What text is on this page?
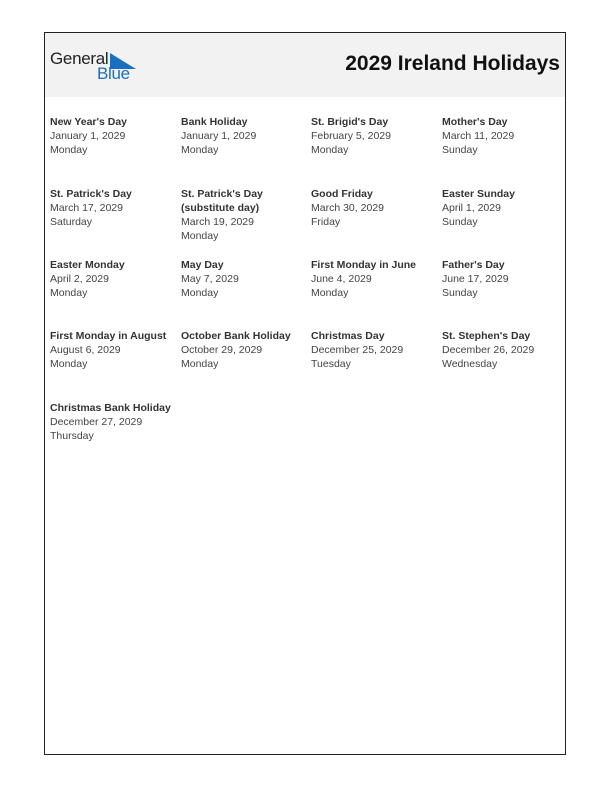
General
Blue	2029 Ireland Holidays
New Year's Day
January 1, 2029
Monday
Bank Holiday
January 1, 2029
Monday
St. Brigid's Day
February 5, 2029
Monday
Mother's Day
March 11, 2029
Sunday
St. Patrick's Day
March 17, 2029
Saturday
St. Patrick's Day
(substitute day)
March 19, 2029
Monday
Good Friday
March 30, 2029
Friday
Easter Sunday
April 1, 2029
Sunday
Easter Monday
April 2, 2029
Monday
May Day
May 7, 2029
Monday
First Monday in June
June 4, 2029
Monday
Father's Day
June 17, 2029
Sunday
First Monday in August
August 6, 2029
Monday
October Bank Holiday
October 29, 2029
Monday
Christmas Day
December 25, 2029
Tuesday
St. Stephen's Day
December 26, 2029
Wednesday
Christmas Bank Holiday
December 27, 2029
Thursday
